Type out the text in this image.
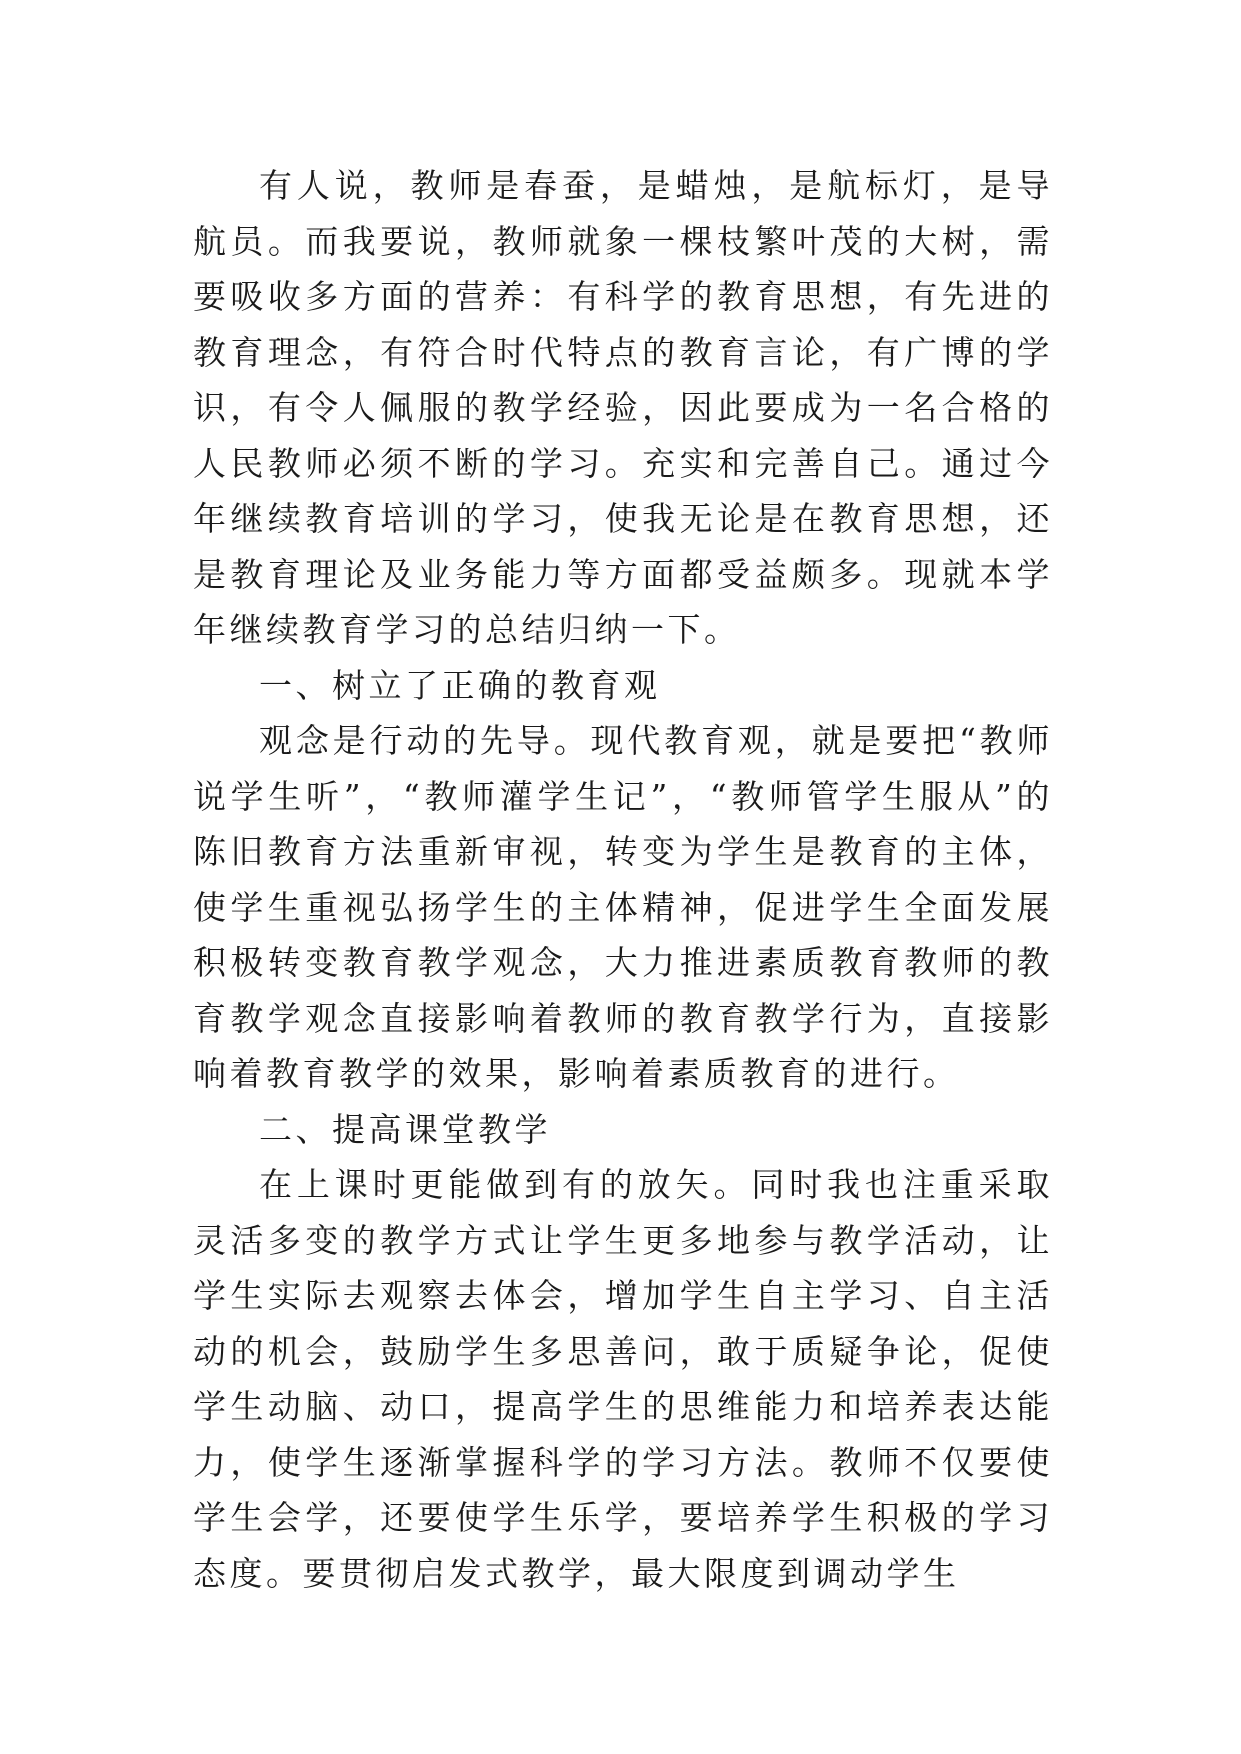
有人说，教师是春蚕，是蜡烛，是航标灯，是导航员。而我要说，教师就象一棵枝繁叶茂的大树，需要吸收多方面的营养：有科学的教育思想，有先进的教育理念，有符合时代特点的教育言论，有广博的学识，有令人佩服的教学经验，因此要成为一名合格的人民教师必须不断的学习。充实和完善自己。通过今年继续教育培训的学习，使我无论是在教育思想，还是教育理论及业务能力等方面都受益颇多。现就本学年继续教育学习的总结归纳一下。

一、树立了正确的教育观

观念是行动的先导。现代教育观，就是要把“教师说学生听”，“教师灌学生记”，“教师管学生服从”的陈旧教育方法重新审视，转变为学生是教育的主体，使学生重视弘扬学生的主体精神，促进学生全面发展积极转变教育教学观念，大力推进素质教育教师的教育教学观念直接影响着教师的教育教学行为，直接影响着教育教学的效果，影响着素质教育的进行。

二、提高课堂教学

在上课时更能做到有的放矢。同时我也注重采取灵活多变的教学方式让学生更多地参与教学活动，让学生实际去观察去体会，增加学生自主学习、自主活动的机会，鼓励学生多思善问，敢于质疑争论，促使学生动脑、动口，提高学生的思维能力和培养表达能力，使学生逐渐掌握科学的学习方法。教师不仅要使学生会学，还要使学生乐学，要培养学生积极的学习态度。要贯彻启发式教学，最大限度到调动学生
